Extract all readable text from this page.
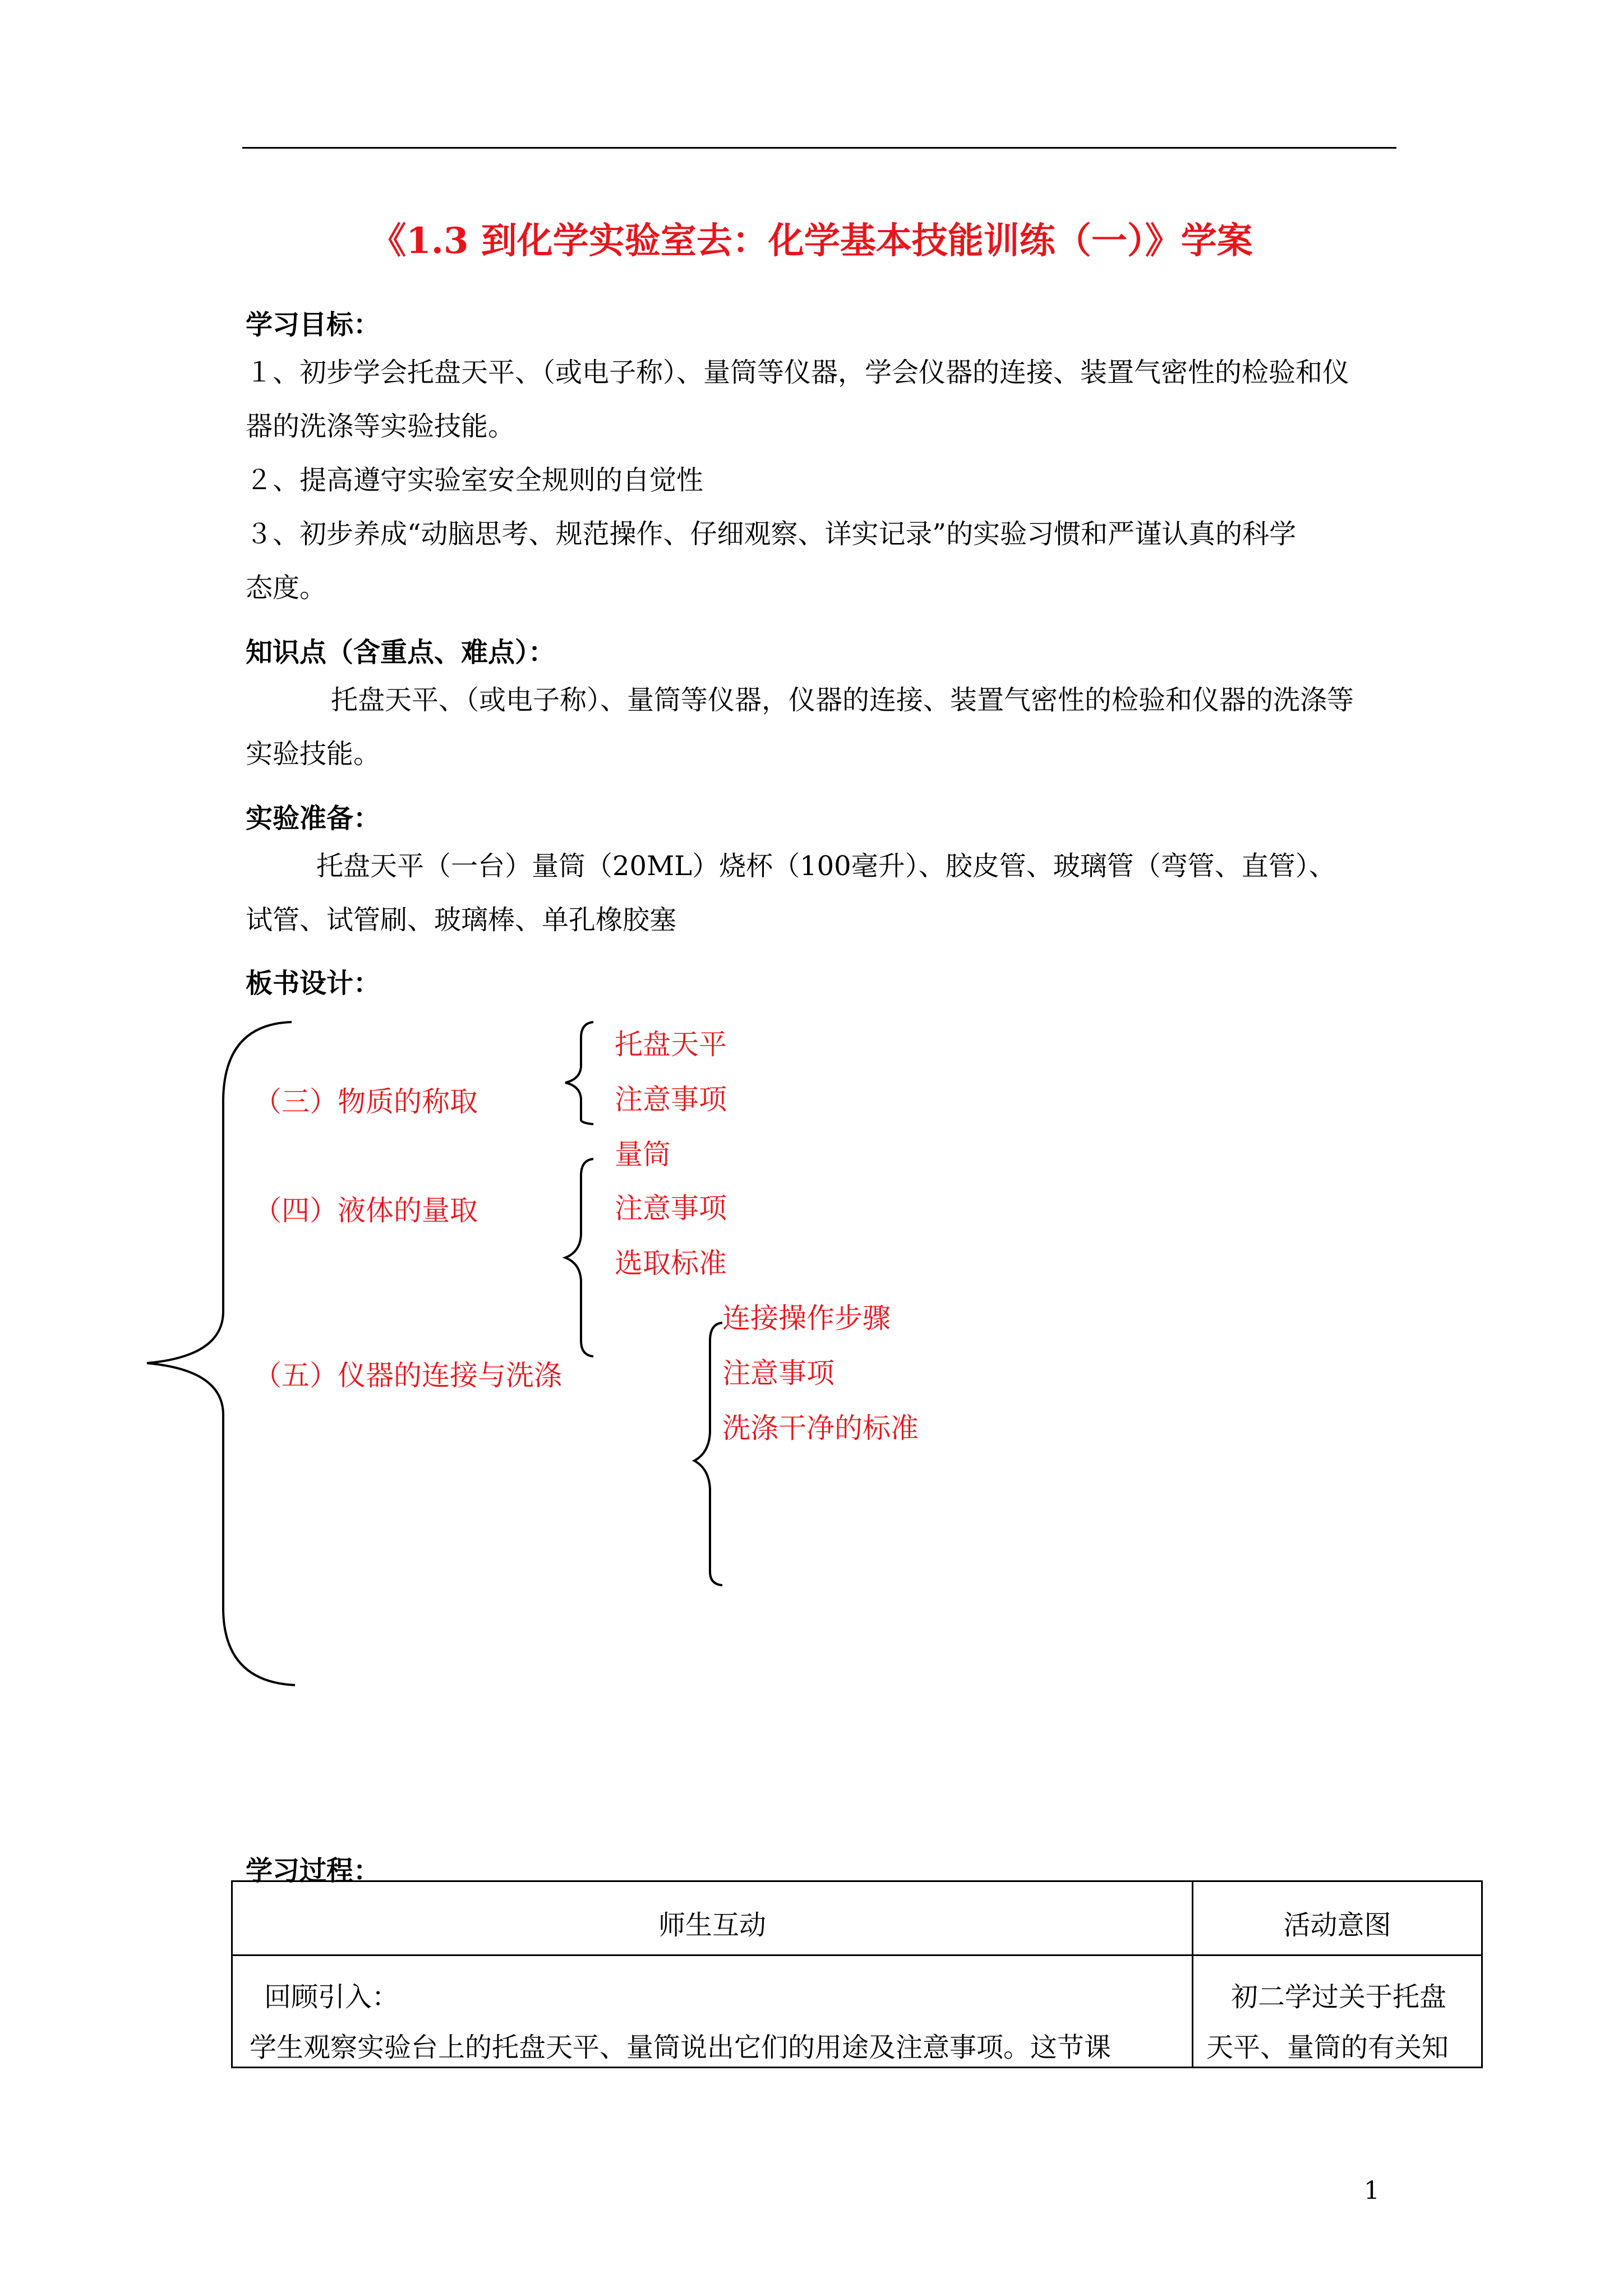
《1.3 到化学实验室去：化学基本技能训练（一）》学案
学习目标：
１、初步学会托盘天平、（或电子称）、量筒等仪器，学会仪器的连接、装置气密性的检验和仪
器的洗涤等实验技能。
２、提高遵守实验室安全规则的自觉性
３、初步养成“动脑思考、规范操作、仔细观察、详实记录”的实验习惯和严谨认真的科学
态度。
知识点（含重点、难点）：
托盘天平、（或电子称）、量筒等仪器，仪器的连接、装置气密性的检验和仪器的洗涤等
实验技能。
实验准备：
托盘天平（一台）量筒（20ML）烧杯（100毫升）、胶皮管、玻璃管（弯管、直管）、
试管、试管刷、玻璃棒、单孔橡胶塞
板书设计：
（三）物质的称取
托盘天平
注意事项
（四）液体的量取
量筒
注意事项
选取标准
（五）仪器的连接与洗涤
连接操作步骤
注意事项
洗涤干净的标准
学习过程：
师生互动	活动意图
回顾引入：
学生观察实验台上的托盘天平、量筒说出它们的用途及注意事项。这节课
初二学过关于托盘
天平、量筒的有关知
1
